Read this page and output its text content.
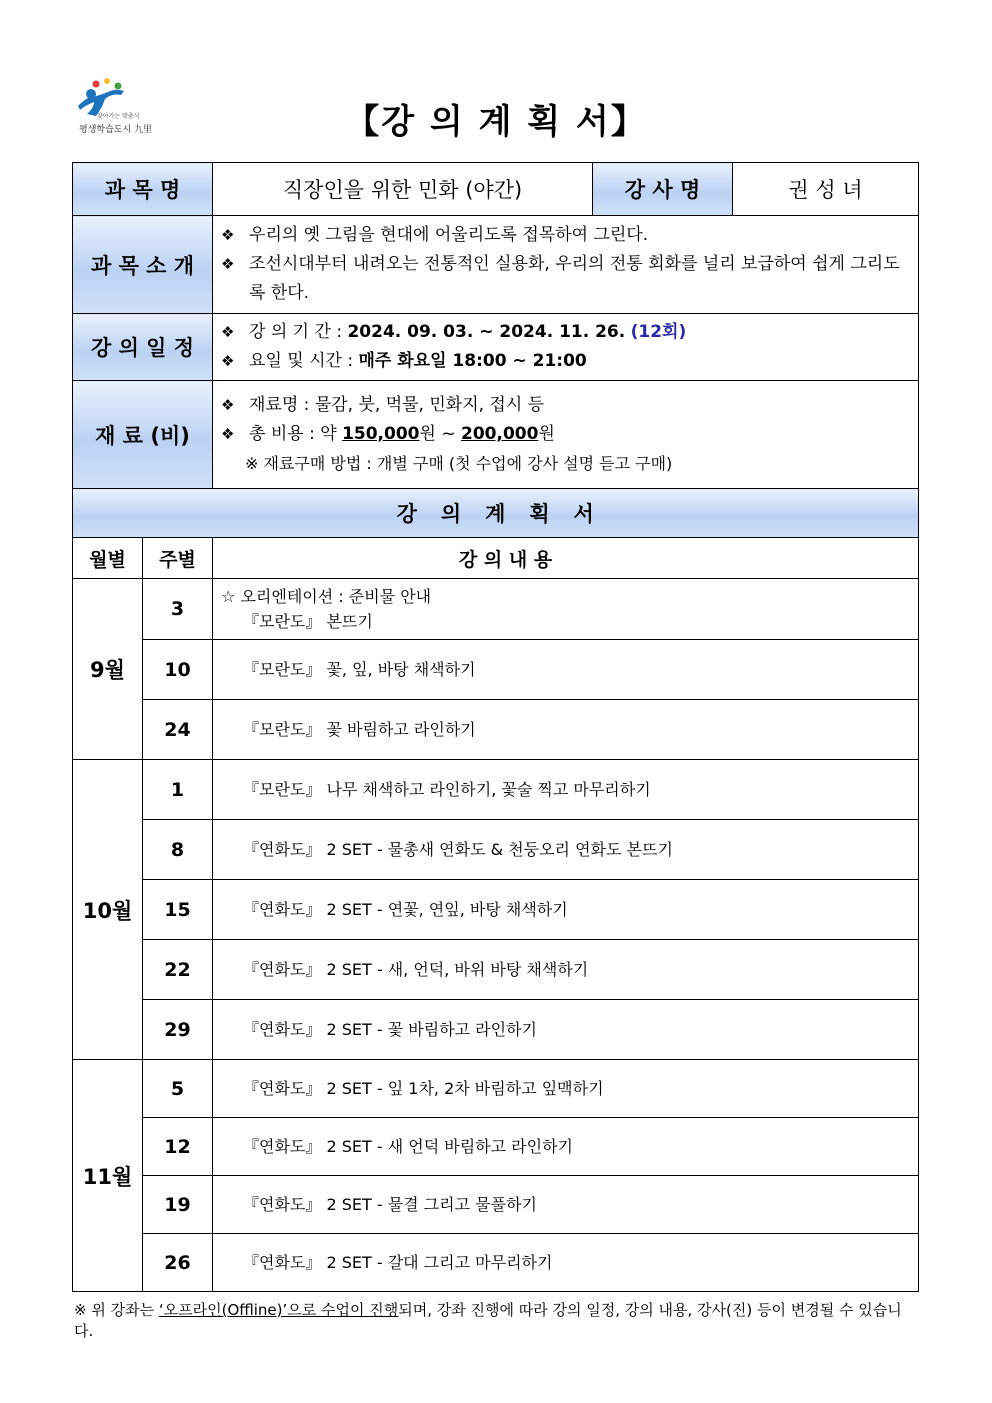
찾아가는 맞춤식
평생학습도시 九里	【강 의 계 획 서】
과 목 명		직장인을 위한 민화 (야간)	강 사 명	권 성 녀
과 목 소 개		❖ 우리의 옛 그림을 현대에 어울리도록 접목하여 그린다.
❖ 조선시대부터 내려오는 전통적인 실용화, 우리의 전통 회화를 널리 보급하여 쉽게 그리도록 한다.		

강 의 일 정		❖ 강 의 기 간 : 2024. 09. 03. ~ 2024. 11. 26. (12회)
❖ 요일 및 시간 : 매주 화요일 18:00 ~ 21:00		

재 료 (비)		❖ 재료명 : 물감, 붓, 먹물, 민화지, 접시 등
❖ 총 비용 : 약 150,000원 ~ 200,000원
※ 재료구매 방법 : 개별 구매 (첫 수업에 강사 설명 듣고 구매)		

강   의   계   획   서				
월별	주별	강 의 내 용		
9월	3	☆ 오리엔테이션 : 준비물 안내
『모란도』 본뜨기		

	10	『모란도』 꽃, 잎, 바탕 채색하기		
	24	『모란도』 꽃 바림하고 라인하기		
10월	1	『모란도』 나무 채색하고 라인하기, 꽃술 찍고 마무리하기		
	8	『연화도』 2 SET - 물총새 연화도 & 천둥오리 연화도 본뜨기		
	15	『연화도』 2 SET - 연꽃, 연잎, 바탕 채색하기		
	22	『연화도』 2 SET - 새, 언덕, 바위 바탕 채색하기		
	29	『연화도』 2 SET - 꽃 바림하고 라인하기		
11월	5	『연화도』 2 SET - 잎 1차, 2차 바림하고 잎맥하기		
	12	『연화도』 2 SET - 새 언덕 바림하고 라인하기		
	19	『연화도』 2 SET - 물결 그리고 물풀하기		
	26	『연화도』 2 SET - 갈대 그리고 마무리하기		
※ 위 강좌는 ‘오프라인(Offline)’으로 수업이 진행되며, 강좌 진행에 따라 강의 일정, 강의 내용, 강사(진) 등이 변경될 수 있습니다.
